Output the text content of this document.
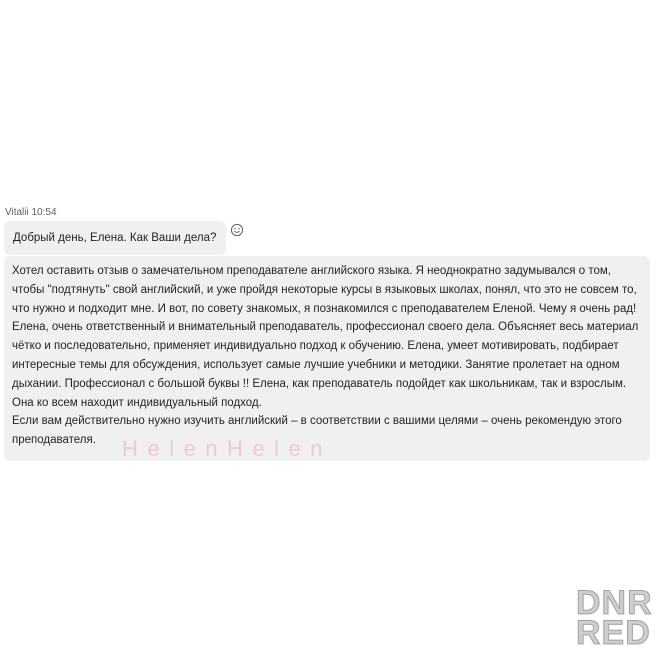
Vitalii 10:54
Добрый день, Елена. Как Ваши дела?
Хотел оставить отзыв о замечательном преподавателе английского языка. Я неоднократно задумывался о том,
чтобы "подтянуть" свой английский, и уже пройдя некоторые курсы в языковых школах, понял, что это не совсем то,
что нужно и подходит мне. И вот, по совету знакомых, я познакомился с преподавателем Еленой. Чему я очень рад!
Елена, очень ответственный и внимательный преподаватель, профессионал своего дела. Объясняет весь материал
чётко и последовательно, применяет индивидуально подход к обучению. Елена, умеет мотивировать, подбирает
интересные темы для обсуждения, использует самые лучшие учебники и методики. Занятие пролетает на одном
дыхании. Профессионал с большой буквы !! Елена, как преподаватель подойдет как школьникам, так и взрослым.
Она ко всем находит индивидуальный подход.
Если вам действительно нужно изучить английский – в соответствии с вашими целями – очень рекомендую этого
преподавателя.	HelenHelen
DNR
RED
